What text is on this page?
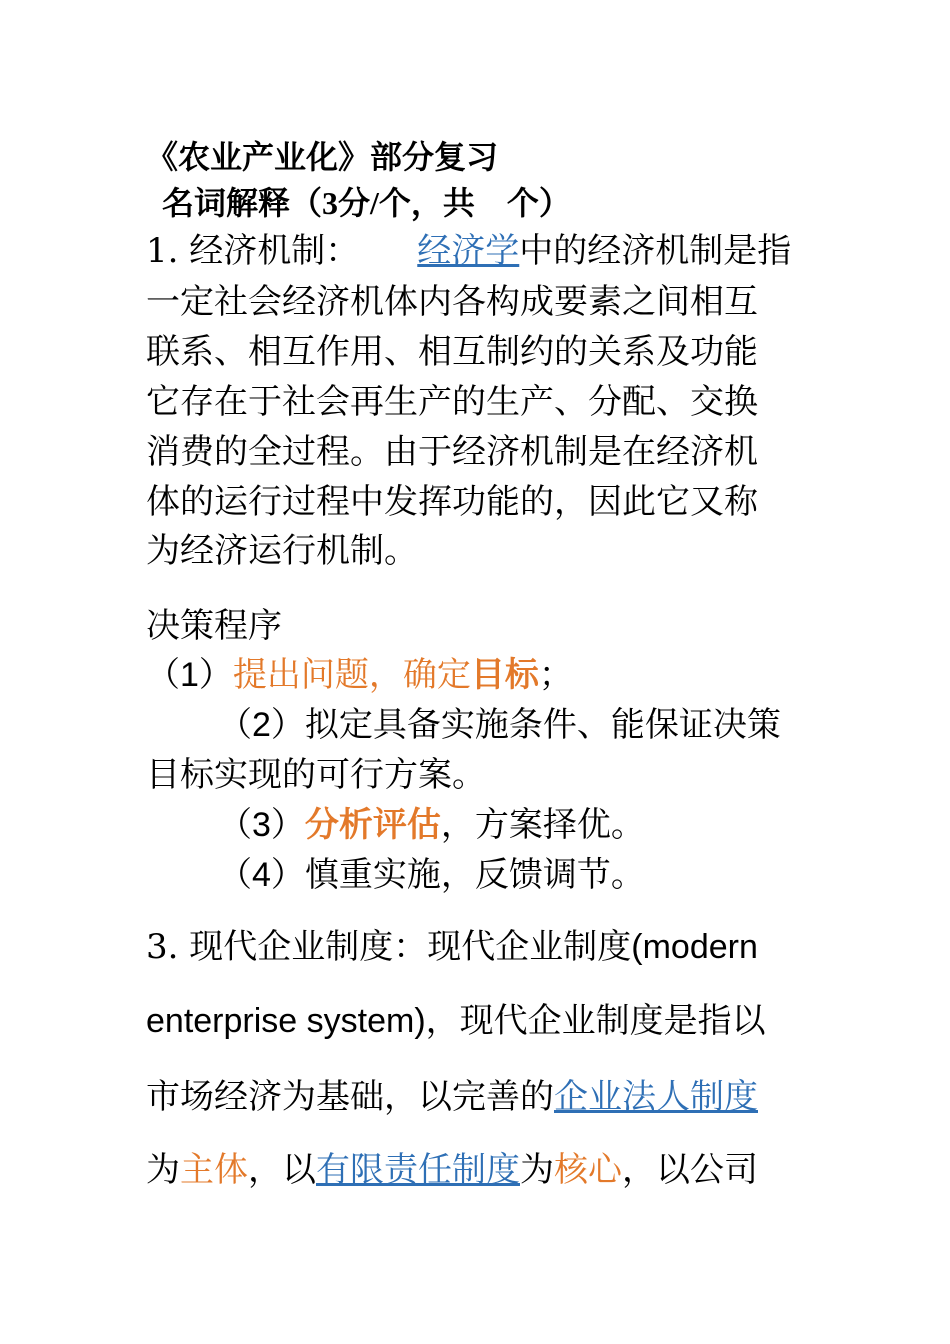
《农业产业化》部分复习
名词解释（3分/个，共　个）
1. 经济机制： 经济学中的经济机制是指
一定社会经济机体内各构成要素之间相互
联系、相互作用、相互制约的关系及功能
它存在于社会再生产的生产、分配、交换
消费的全过程。由于经济机制是在经济机
体的运行过程中发挥功能的，因此它又称
为经济运行机制。
决策程序
（1）提出问题，确定目标；
（2）拟定具备实施条件、能保证决策
目标实现的可行方案。
（3）分析评估，方案择优。
（4）慎重实施，反馈调节。
3. 现代企业制度：现代企业制度(modern
enterprise system)，现代企业制度是指以
市场经济为基础，以完善的企业法人制度
为主体，以有限责任制度为核心，以公司
